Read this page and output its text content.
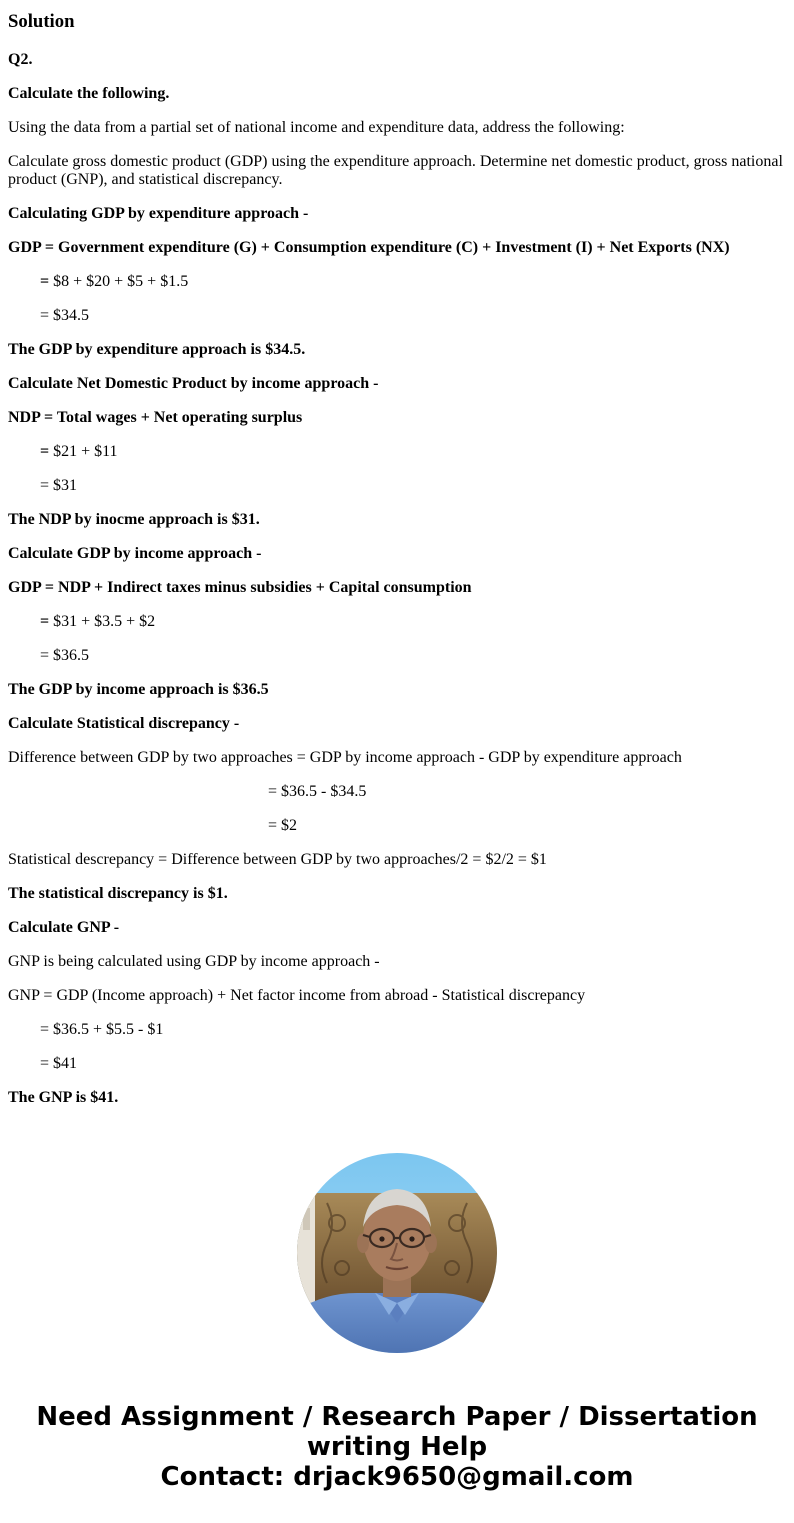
Solution

Q2.

Calculate the following.

Using the data from a partial set of national income and expenditure data, address the following:

Calculate gross domestic product (GDP) using the expenditure approach. Determine net domestic product, gross national product (GNP), and statistical discrepancy.

Calculating GDP by expenditure approach -

GDP = Government expenditure (G) + Consumption expenditure (C) + Investment (I) + Net Exports (NX)

= $8 + $20 + $5 + $1.5

= $34.5

The GDP by expenditure approach is $34.5.

Calculate Net Domestic Product by income approach -

NDP = Total wages + Net operating surplus

= $21 + $11

= $31

The NDP by inocme approach is $31.

Calculate GDP by income approach -

GDP = NDP + Indirect taxes minus subsidies + Capital consumption

= $31 + $3.5 + $2

= $36.5

The GDP by income approach is $36.5

Calculate Statistical discrepancy -

Difference between GDP by two approaches = GDP by income approach - GDP by expenditure approach

= $36.5 - $34.5

= $2

Statistical descrepancy = Difference between GDP by two approaches/2 = $2/2 = $1

The statistical discrepancy is $1.

Calculate GNP -

GNP is being calculated using GDP by income approach -

GNP = GDP (Income approach) + Net factor income from abroad - Statistical discrepancy

= $36.5 + $5.5 - $1

= $41

The GNP is $41.

Need Assignment / Research Paper / Dissertation
writing Help
Contact: drjack9650@gmail.com
